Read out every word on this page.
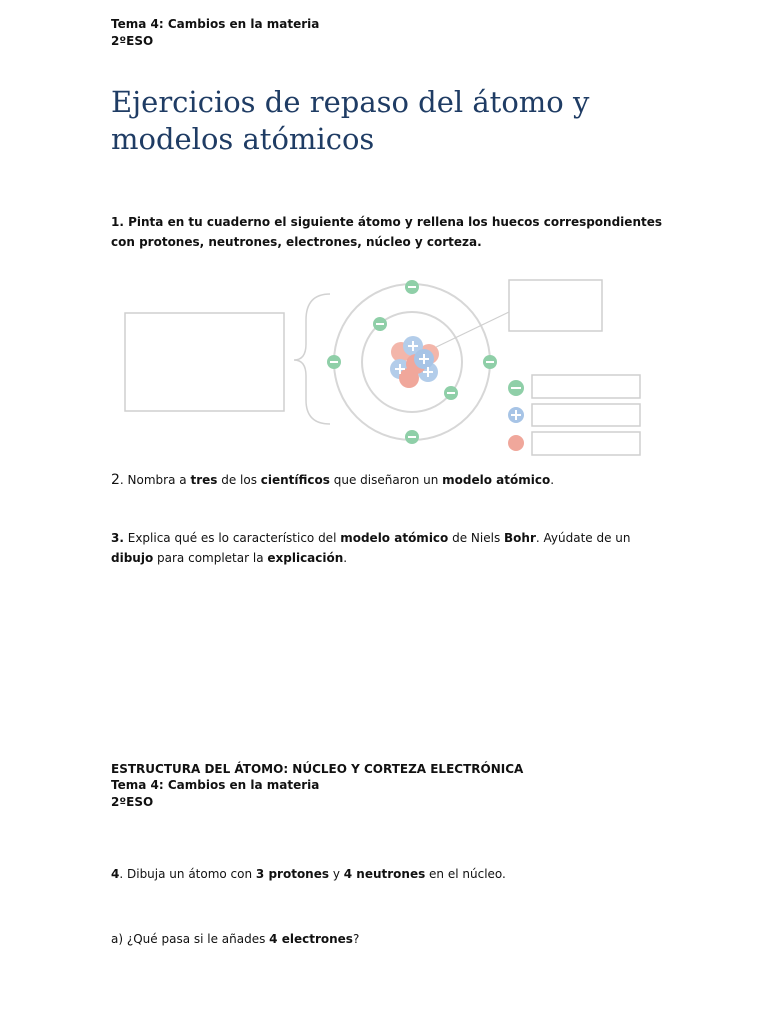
Tema 4: Cambios en la materia
2ºESO
Ejercicios de repaso del átomo y modelos atómicos
1. Pinta en tu cuaderno el siguiente átomo y rellena los huecos correspondientes con protones, neutrones, electrones, núcleo y corteza.
2. Nombra a tres de los científicos que diseñaron un modelo atómico.
3. Explica qué es lo característico del modelo atómico de Niels Bohr. Ayúdate de un dibujo para completar la explicación.
ESTRUCTURA DEL ÁTOMO: NÚCLEO Y CORTEZA ELECTRÓNICA
Tema 4: Cambios en la materia
2ºESO
4. Dibuja un átomo con 3 protones y 4 neutrones en el núcleo.
a) ¿Qué pasa si le añades 4 electrones?
